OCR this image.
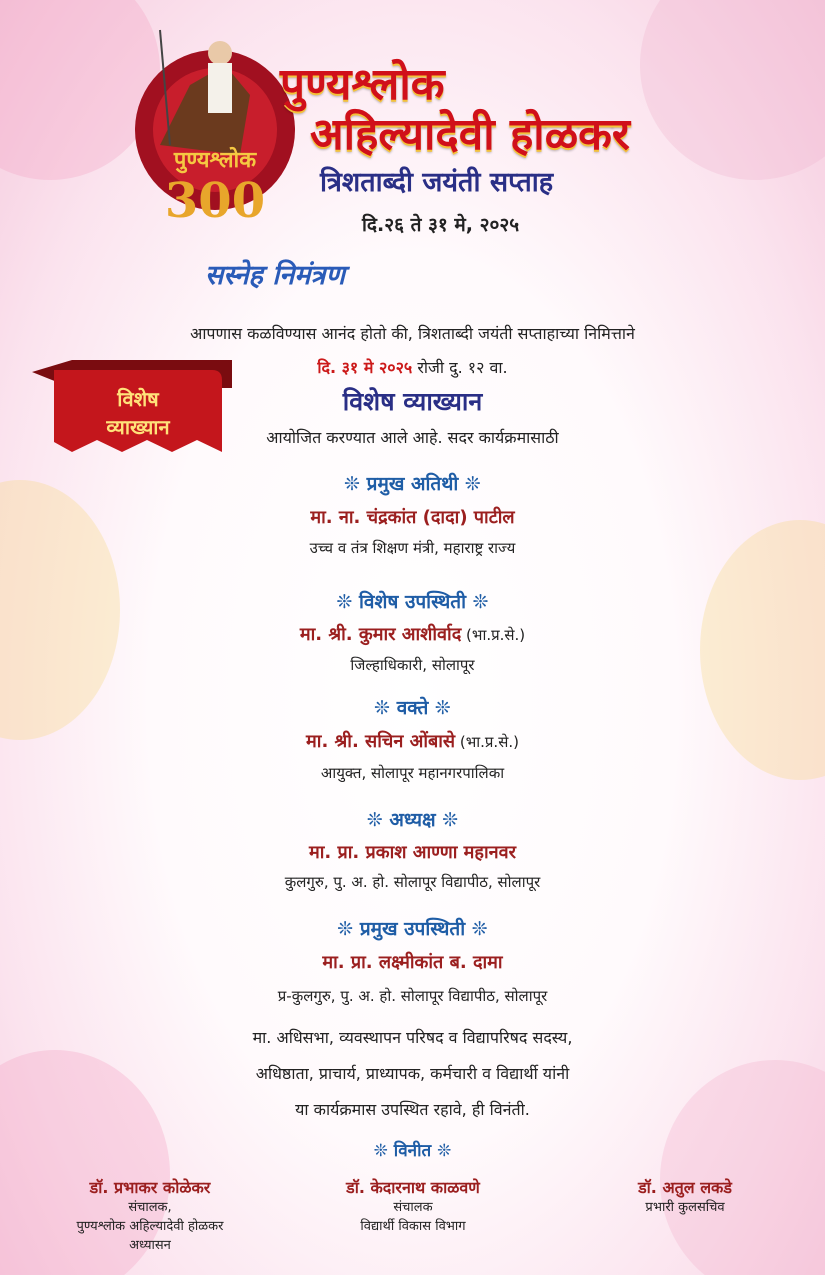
पुण्यश्लोक
300
पुण्यश्लोक
अहिल्यादेवी होळकर
त्रिशताब्दी जयंती सप्ताह
दि.२६ ते ३१ मे, २०२५
सस्नेह निमंत्रण
विशेष
व्याख्यान
आपणास कळविण्यास आनंद होतो की, त्रिशताब्दी जयंती सप्ताहाच्या निमित्ताने
दि. ३१ मे २०२५ रोजी दु. १२ वा.
विशेष व्याख्यान
आयोजित करण्यात आले आहे. सदर कार्यक्रमासाठी
❊ प्रमुख अतिथी ❊
मा. ना. चंद्रकांत (दादा) पाटील
उच्च व तंत्र शिक्षण मंत्री, महाराष्ट्र राज्य
❊ विशेष उपस्थिती ❊
मा. श्री. कुमार आशीर्वाद (भा.प्र.से.)
जिल्हाधिकारी, सोलापूर
❊ वक्ते ❊
मा. श्री. सचिन ओंबासे (भा.प्र.से.)
आयुक्त, सोलापूर महानगरपालिका
❊ अध्यक्ष ❊
मा. प्रा. प्रकाश आण्णा महानवर
कुलगुरु, पु. अ. हो. सोलापूर विद्यापीठ, सोलापूर
❊ प्रमुख उपस्थिती ❊
मा. प्रा. लक्ष्मीकांत ब. दामा
प्र-कुलगुरु, पु. अ. हो. सोलापूर विद्यापीठ, सोलापूर
मा. अधिसभा, व्यवस्थापन परिषद व विद्यापरिषद सदस्य,
अधिष्ठाता, प्राचार्य, प्राध्यापक, कर्मचारी व विद्यार्थी यांनी
या कार्यक्रमास उपस्थित रहावे, ही विनंती.
❊ विनीत ❊
डॉ. प्रभाकर कोळेकर
संचालक,
पुण्यश्लोक अहिल्यादेवी होळकर
अध्यासन
डॉ. केदारनाथ काळवणे
संचालक
विद्यार्थी विकास विभाग
डॉ. अतुल लकडे
प्रभारी कुलसचिव
